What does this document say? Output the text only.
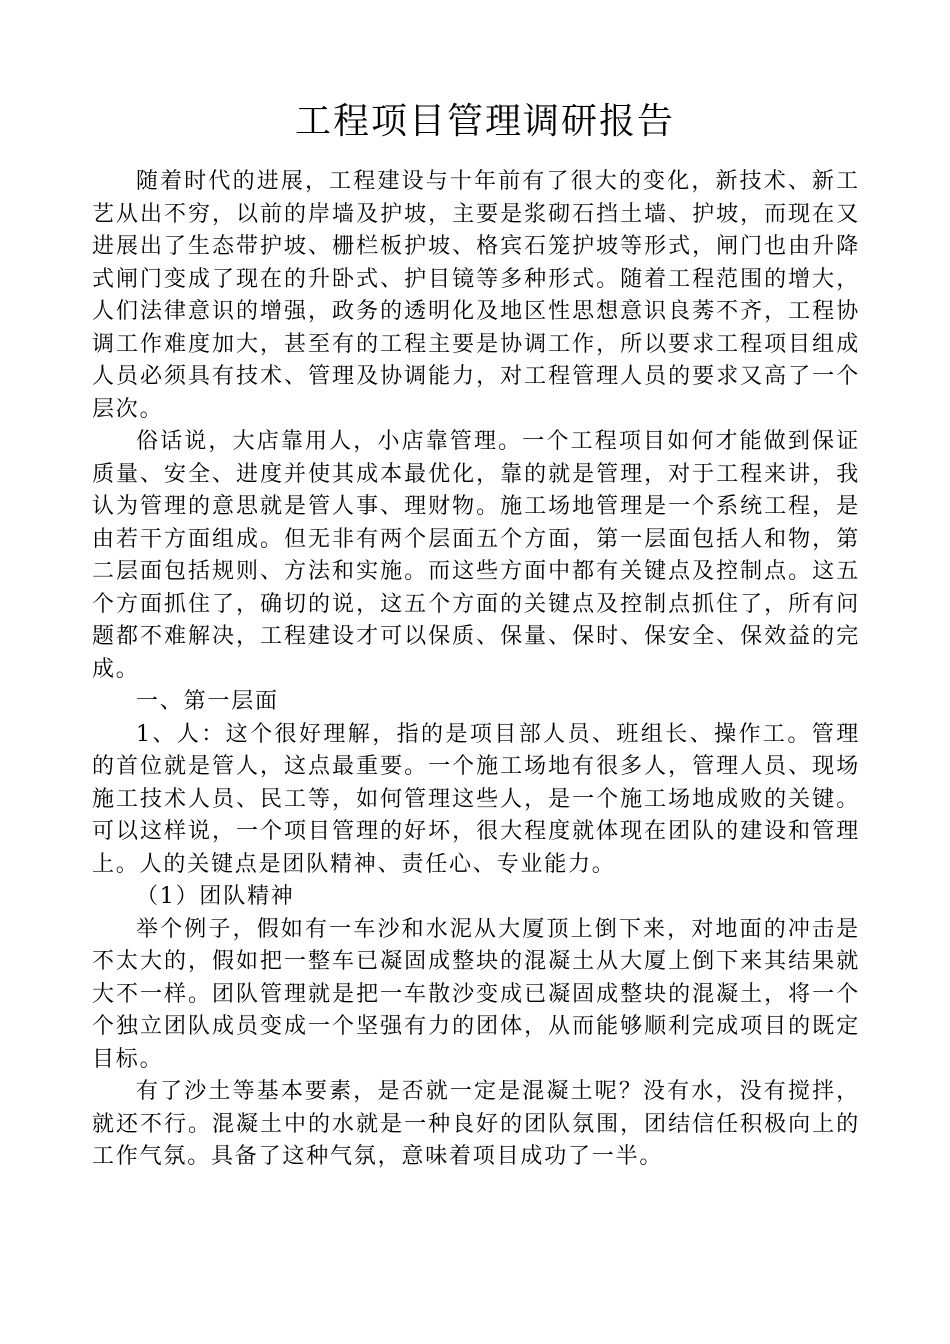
工程项目管理调研报告

随着时代的进展，工程建设与十年前有了很大的变化，新技术、新工艺从出不穷，以前的岸墙及护坡，主要是浆砌石挡土墙、护坡，而现在又进展出了生态带护坡、栅栏板护坡、格宾石笼护坡等形式，闸门也由升降式闸门变成了现在的升卧式、护目镜等多种形式。随着工程范围的增大，人们法律意识的增强，政务的透明化及地区性思想意识良莠不齐，工程协调工作难度加大，甚至有的工程主要是协调工作，所以要求工程项目组成人员必须具有技术、管理及协调能力，对工程管理人员的要求又高了一个层次。

俗话说，大店靠用人，小店靠管理。一个工程项目如何才能做到保证质量、安全、进度并使其成本最优化，靠的就是管理，对于工程来讲，我认为管理的意思就是管人事、理财物。施工场地管理是一个系统工程，是由若干方面组成。但无非有两个层面五个方面，第一层面包括人和物，第二层面包括规则、方法和实施。而这些方面中都有关键点及控制点。这五个方面抓住了，确切的说，这五个方面的关键点及控制点抓住了，所有问题都不难解决，工程建设才可以保质、保量、保时、保安全、保效益的完成。

一、第一层面

1、人：这个很好理解，指的是项目部人员、班组长、操作工。管理的首位就是管人，这点最重要。一个施工场地有很多人，管理人员、现场施工技术人员、民工等，如何管理这些人，是一个施工场地成败的关键。可以这样说，一个项目管理的好坏，很大程度就体现在团队的建设和管理上。人的关键点是团队精神、责任心、专业能力。

（1）团队精神

举个例子，假如有一车沙和水泥从大厦顶上倒下来，对地面的冲击是不太大的，假如把一整车已凝固成整块的混凝土从大厦上倒下来其结果就大不一样。团队管理就是把一车散沙变成已凝固成整块的混凝土，将一个个独立团队成员变成一个坚强有力的团体，从而能够顺利完成项目的既定目标。

有了沙土等基本要素，是否就一定是混凝土呢？没有水，没有搅拌，就还不行。混凝土中的水就是一种良好的团队氛围，团结信任积极向上的工作气氛。具备了这种气氛，意味着项目成功了一半。
